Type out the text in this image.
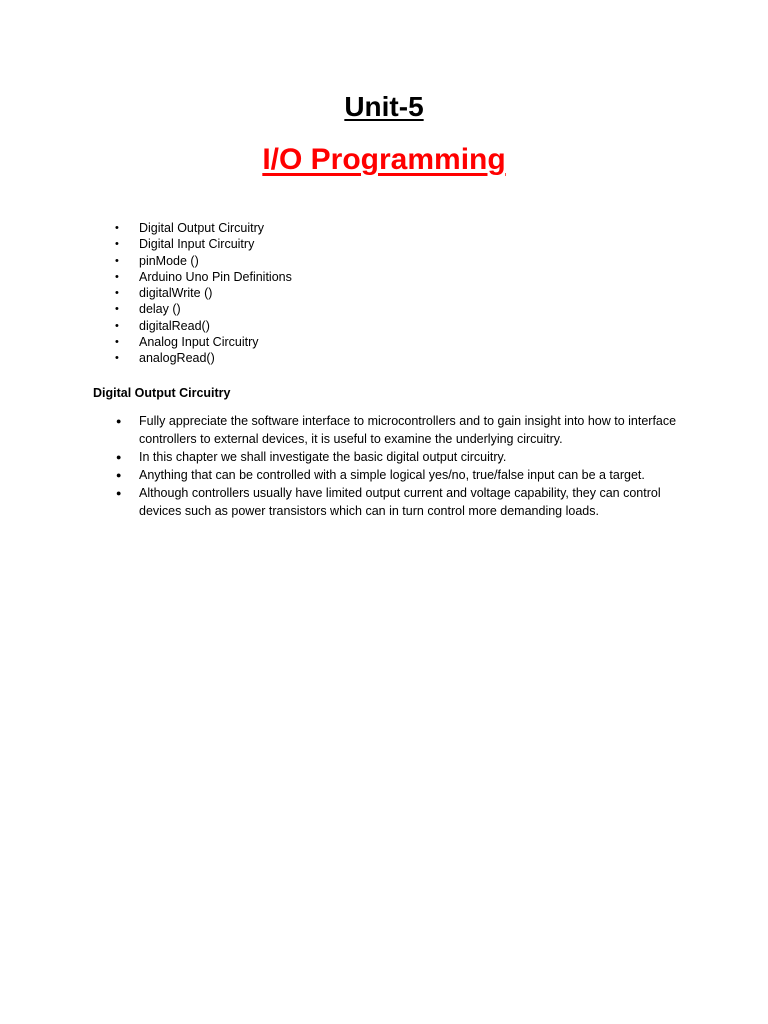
Unit-5
I/O Programming
• Digital Output Circuitry
• Digital Input Circuitry
• pinMode ()
• Arduino Uno Pin Definitions
• digitalWrite ()
• delay ()
• digitalRead()
• Analog Input Circuitry
• analogRead()
Digital Output Circuitry
● Fully appreciate the software interface to microcontrollers and to gain insight into how to interface controllers to external devices, it is useful to examine the underlying circuitry.
● In this chapter we shall investigate the basic digital output circuitry.
● Anything that can be controlled with a simple logical yes/no, true/false input can be a target.
● Although controllers usually have limited output current and voltage capability, they can control devices such as power transistors which can in turn control more demanding loads.
